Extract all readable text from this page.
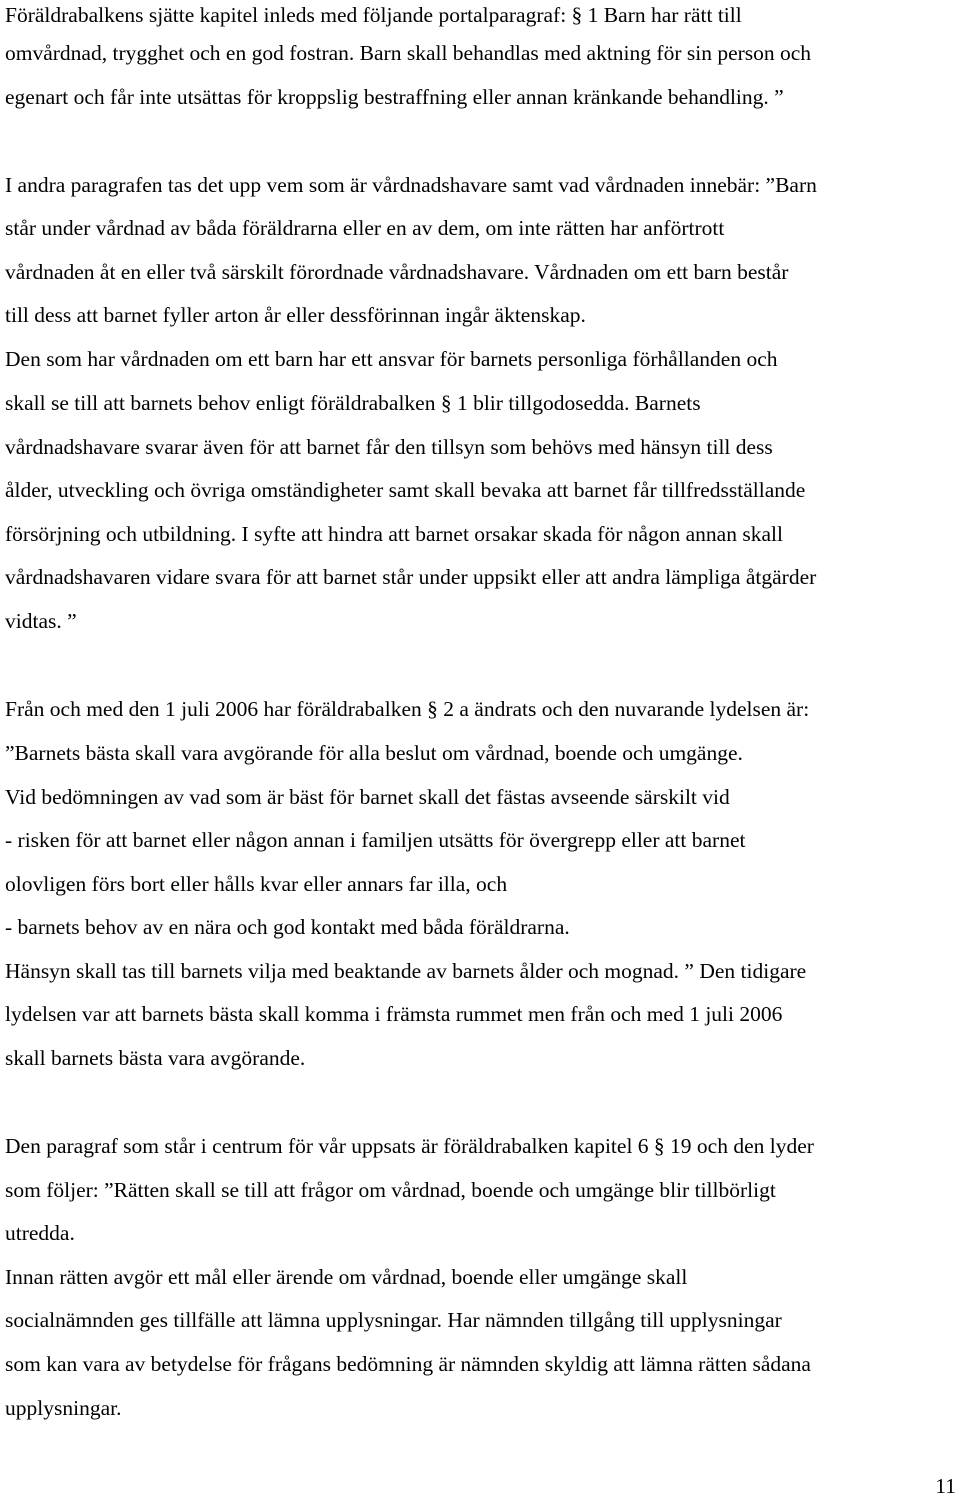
Föräldrabalkens sjätte kapitel inleds med följande portalparagraf: § 1 Barn har rätt till
omvårdnad, trygghet och en god fostran. Barn skall behandlas med aktning för sin person och
egenart och får inte utsättas för kroppslig bestraffning eller annan kränkande behandling. ”
I andra paragrafen tas det upp vem som är vårdnadshavare samt vad vårdnaden innebär: ”Barn
står under vårdnad av båda föräldrarna eller en av dem, om inte rätten har anförtrott
vårdnaden åt en eller två särskilt förordnade vårdnadshavare. Vårdnaden om ett barn består
till dess att barnet fyller arton år eller dessförinnan ingår äktenskap.
Den som har vårdnaden om ett barn har ett ansvar för barnets personliga förhållanden och
skall se till att barnets behov enligt föräldrabalken § 1 blir tillgodosedda. Barnets
vårdnadshavare svarar även för att barnet får den tillsyn som behövs med hänsyn till dess
ålder, utveckling och övriga omständigheter samt skall bevaka att barnet får tillfredsställande
försörjning och utbildning. I syfte att hindra att barnet orsakar skada för någon annan skall
vårdnadshavaren vidare svara för att barnet står under uppsikt eller att andra lämpliga åtgärder
vidtas. ”
Från och med den 1 juli 2006 har föräldrabalken § 2 a ändrats och den nuvarande lydelsen är:
”Barnets bästa skall vara avgörande för alla beslut om vårdnad, boende och umgänge.
Vid bedömningen av vad som är bäst för barnet skall det fästas avseende särskilt vid
- risken för att barnet eller någon annan i familjen utsätts för övergrepp eller att barnet
olovligen förs bort eller hålls kvar eller annars far illa, och
- barnets behov av en nära och god kontakt med båda föräldrarna.
Hänsyn skall tas till barnets vilja med beaktande av barnets ålder och mognad. ” Den tidigare
lydelsen var att barnets bästa skall komma i främsta rummet men från och med 1 juli 2006
skall barnets bästa vara avgörande.
Den paragraf som står i centrum för vår uppsats är föräldrabalken kapitel 6 § 19 och den lyder
som följer: ”Rätten skall se till att frågor om vårdnad, boende och umgänge blir tillbörligt
utredda.
Innan rätten avgör ett mål eller ärende om vårdnad, boende eller umgänge skall
socialnämnden ges tillfälle att lämna upplysningar. Har nämnden tillgång till upplysningar
som kan vara av betydelse för frågans bedömning är nämnden skyldig att lämna rätten sådana
upplysningar.
11
